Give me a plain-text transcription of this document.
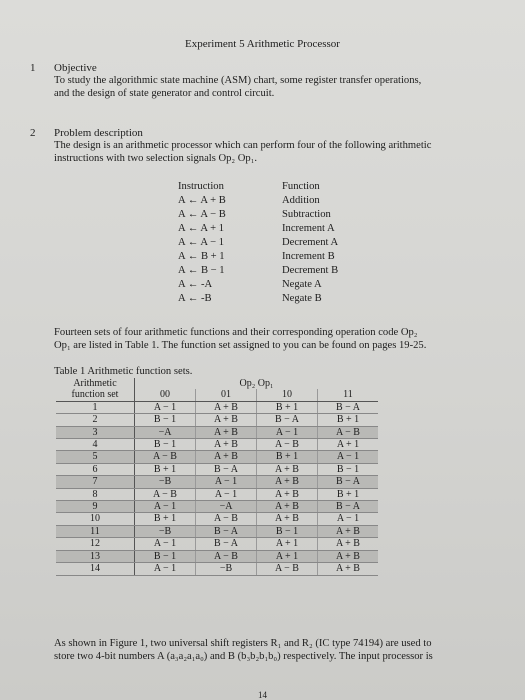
Experiment 5 Arithmetic Processor
1 Objective
To study the algorithmic state machine (ASM) chart, some register transfer operations,
and the design of state generator and control circuit.
2 Problem description
The design is an arithmetic processor which can perform four of the following arithmetic
instructions with two selection signals Op₂ Op₁.
Instruction	Function
A ← A + B	Addition
A ← A − B	Subtraction
A ← A + 1	Increment A
A ← A − 1	Decrement A
A ← B + 1	Increment B
A ← B − 1	Decrement B
A ← -A	Negate A
A ← -B	Negate B
Fourteen sets of four arithmetic functions and their corresponding operation code Op₂
Op₁ are listed in Table 1. The function set assigned to you can be found on pages 19-25.
Table 1 Arithmetic function sets.
Arithmetic	Op₂ Op₁			
function set	00	01	10	11
1	A − 1	A + B	B + 1	B − A
2	B − 1	A + B	B − A	B + 1
3	−A	A + B	A − 1	A − B
4	B − 1	A + B	A − B	A + 1
5	A − B	A + B	B + 1	A − 1
6	B + 1	B − A	A + B	B − 1
7	−B	A − 1	A + B	B − A
8	A − B	A − 1	A + B	B + 1
9	A − 1	−A	A + B	B − A
10	B + 1	A − B	A + B	A − 1
11	−B	B − A	B − 1	A + B
12	A − 1	B − A	A + 1	A + B
13	B − 1	A − B	A + 1	A + B
14	A − 1	−B	A − B	A + B
As shown in Figure 1, two universal shift registers R₁ and R₂ (IC type 74194) are used to
store two 4-bit numbers A (a₃a₂a₁a₀) and B (b₃b₂b₁b₀) respectively. The input processor is
14
